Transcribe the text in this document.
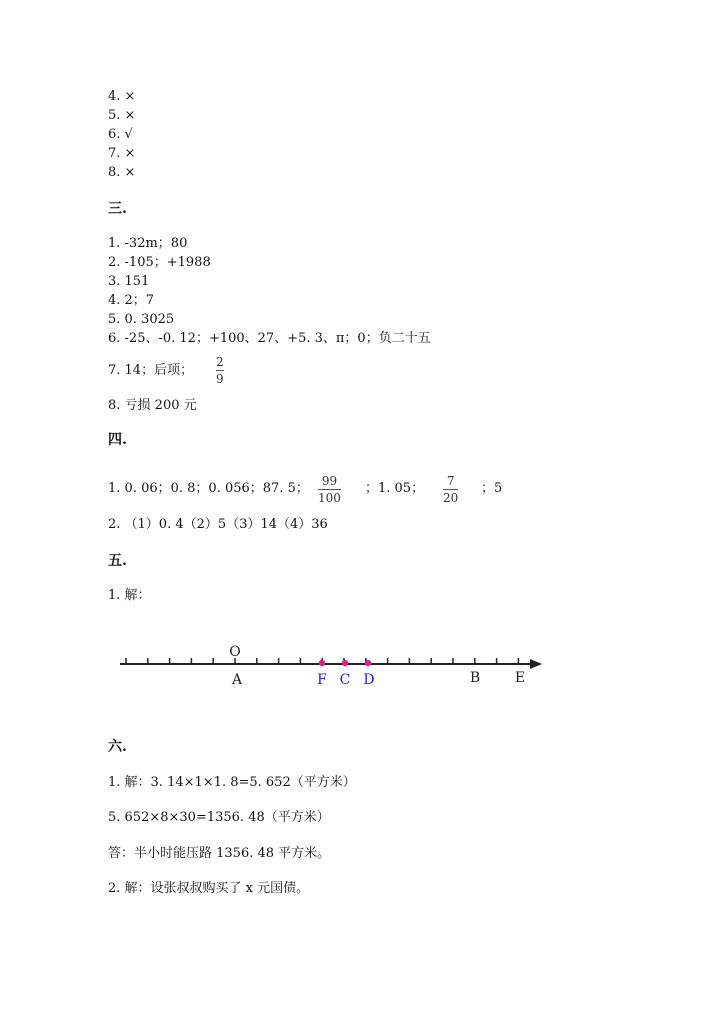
4. ×
5. ×
6. √
7. ×
8. ×
三.
1. -32m；80
2. -105；+1988
3. 151
4. 2；7
5. 0. 3025
6. -25、-0. 12；+100、27、+5. 3、π；0；负二十五
7. 14；后项；
2
9
8. 亏损 200 元
四.
1. 0. 06；0. 8；0. 056；87. 5； 99
100
；1. 05； 7
20
；5
2. （1）0. 4（2）5（3）14（4）36
五.
1. 解：
O
A	B E
F C D
六.
1. 解：3. 14×1×1. 8=5. 652（平方米）
5. 652×8×30=1356. 48（平方米）
答：半小时能压路 1356. 48 平方米。
2. 解：设张叔叔购买了 x 元国债。
